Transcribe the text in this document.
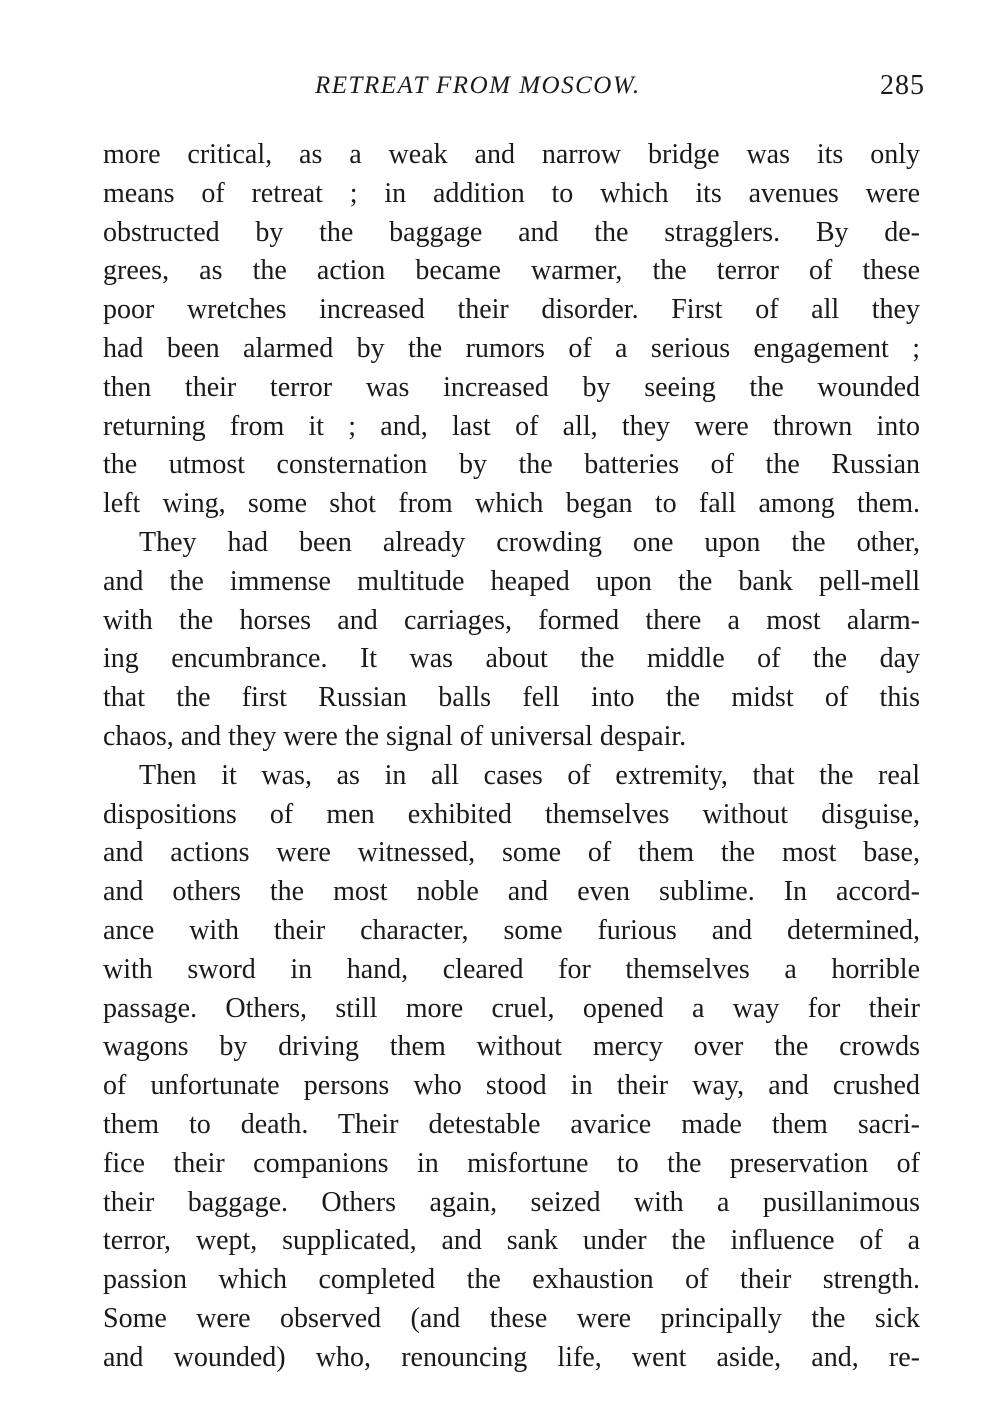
RETREAT FROM MOSCOW.	285
more critical, as a weak and narrow bridge was its only
means of retreat ; in addition to which its avenues were
obstructed by the baggage and the stragglers. By de-
grees, as the action became warmer, the terror of these
poor wretches increased their disorder. First of all they
had been alarmed by the rumors of a serious engagement ;
then their terror was increased by seeing the wounded
returning from it ; and, last of all, they were thrown into
the utmost consternation by the batteries of the Russian
left wing, some shot from which began to fall among them.
They had been already crowding one upon the other,
and the immense multitude heaped upon the bank pell-mell
with the horses and carriages, formed there a most alarm-
ing encumbrance. It was about the middle of the day
that the first Russian balls fell into the midst of this
chaos, and they were the signal of universal despair.
Then it was, as in all cases of extremity, that the real
dispositions of men exhibited themselves without disguise,
and actions were witnessed, some of them the most base,
and others the most noble and even sublime. In accord-
ance with their character, some furious and determined,
with sword in hand, cleared for themselves a horrible
passage. Others, still more cruel, opened a way for their
wagons by driving them without mercy over the crowds
of unfortunate persons who stood in their way, and crushed
them to death. Their detestable avarice made them sacri-
fice their companions in misfortune to the preservation of
their baggage. Others again, seized with a pusillanimous
terror, wept, supplicated, and sank under the influence of a
passion which completed the exhaustion of their strength.
Some were observed (and these were principally the sick
and wounded) who, renouncing life, went aside, and, re-
